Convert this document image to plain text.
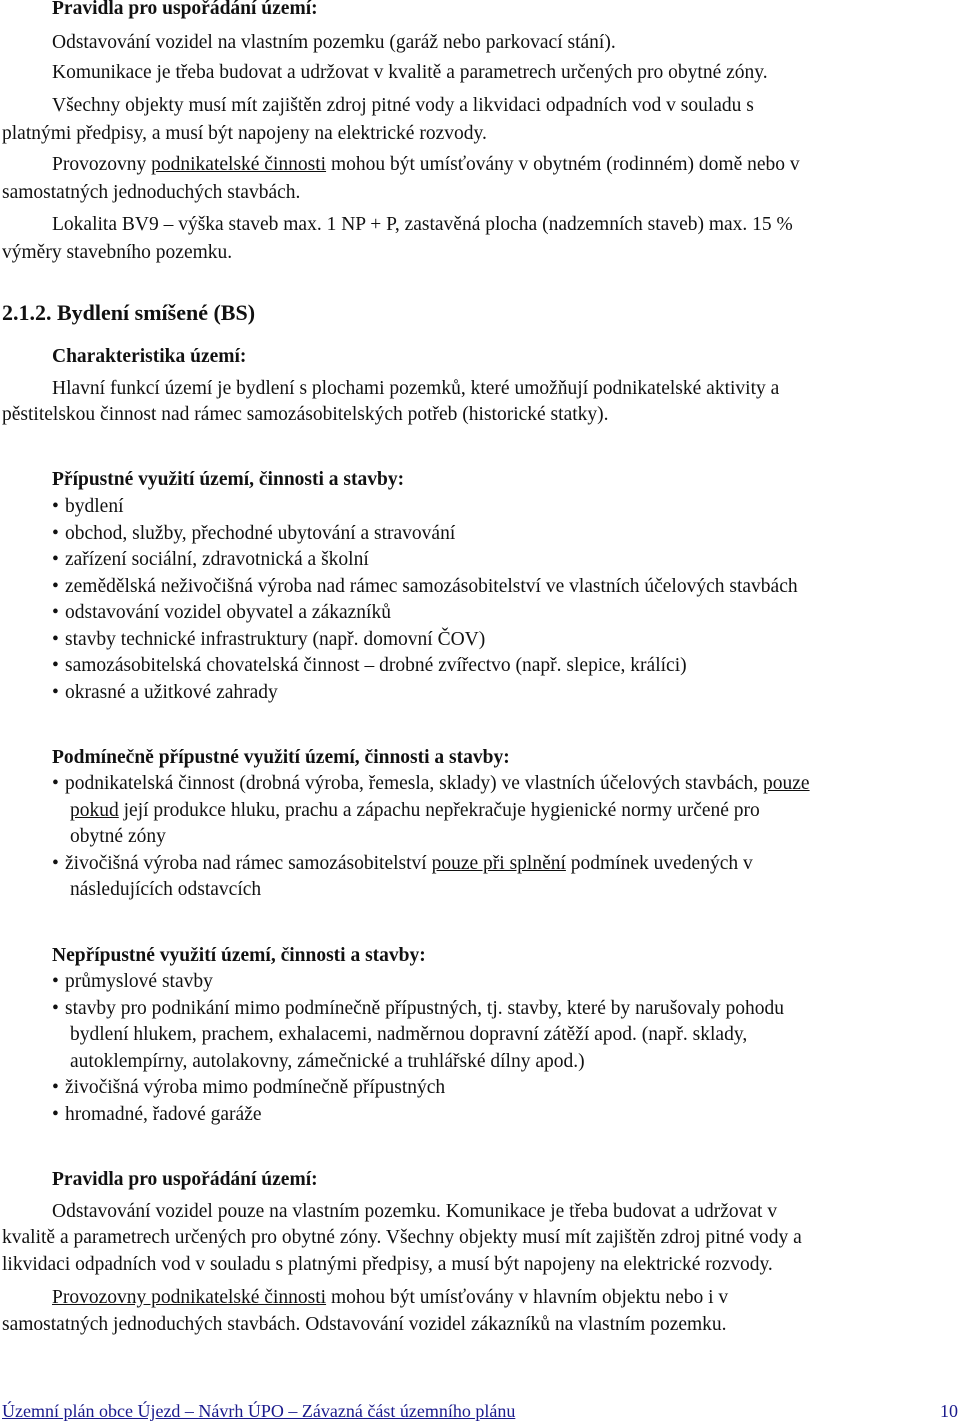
Pravidla pro uspořádání území:
Odstavování vozidel na vlastním pozemku (garáž nebo parkovací stání).
Komunikace je třeba budovat a udržovat v kvalitě a parametrech určených pro obytné zóny.
Všechny objekty musí mít zajištěn zdroj pitné vody a likvidaci odpadních vod v souladu s
platnými předpisy, a musí být napojeny na elektrické rozvody.
Provozovny podnikatelské činnosti mohou být umísťovány v obytném (rodinném) domě nebo v
samostatných jednoduchých stavbách.
Lokalita BV9 – výška staveb max. 1 NP + P, zastavěná plocha (nadzemních staveb) max. 15 %
výměry stavebního pozemku.
2.1.2. Bydlení smíšené (BS)
Charakteristika území:
Hlavní funkcí území je bydlení s plochami pozemků, které umožňují podnikatelské aktivity a
pěstitelskou činnost nad rámec samozásobitelských potřeb (historické statky).
Přípustné využití území, činnosti a stavby:
• bydlení
• obchod, služby, přechodné ubytování a stravování
• zařízení sociální, zdravotnická a školní
• zemědělská neživočišná výroba nad rámec samozásobitelství ve vlastních účelových stavbách
• odstavování vozidel obyvatel a zákazníků
• stavby technické infrastruktury (např. domovní ČOV)
• samozásobitelská chovatelská činnost – drobné zvířectvo (např. slepice, králíci)
• okrasné a užitkové zahrady
Podmínečně přípustné využití území, činnosti a stavby:
• podnikatelská činnost (drobná výroba, řemesla, sklady) ve vlastních účelových stavbách, pouze
pokud její produkce hluku, prachu a zápachu nepřekračuje hygienické normy určené pro
obytné zóny
• živočišná výroba nad rámec samozásobitelství pouze při splnění podmínek uvedených v
následujících odstavcích
Nepřípustné využití území, činnosti a stavby:
• průmyslové stavby
• stavby pro podnikání mimo podmínečně přípustných, tj. stavby, které by narušovaly pohodu
bydlení hlukem, prachem, exhalacemi, nadměrnou dopravní zátěží apod. (např. sklady,
autoklempírny, autolakovny, zámečnické a truhlářské dílny apod.)
• živočišná výroba mimo podmínečně přípustných
• hromadné, řadové garáže
Pravidla pro uspořádání území:
Odstavování vozidel pouze na vlastním pozemku. Komunikace je třeba budovat a udržovat v
kvalitě a parametrech určených pro obytné zóny. Všechny objekty musí mít zajištěn zdroj pitné vody a
likvidaci odpadních vod v souladu s platnými předpisy, a musí být napojeny na elektrické rozvody.
Provozovny podnikatelské činnosti mohou být umísťovány v hlavním objektu nebo i v
samostatných jednoduchých stavbách. Odstavování vozidel zákazníků na vlastním pozemku.
Územní plán obce Újezd – Návrh ÚPO – Závazná část územního plánu	10
